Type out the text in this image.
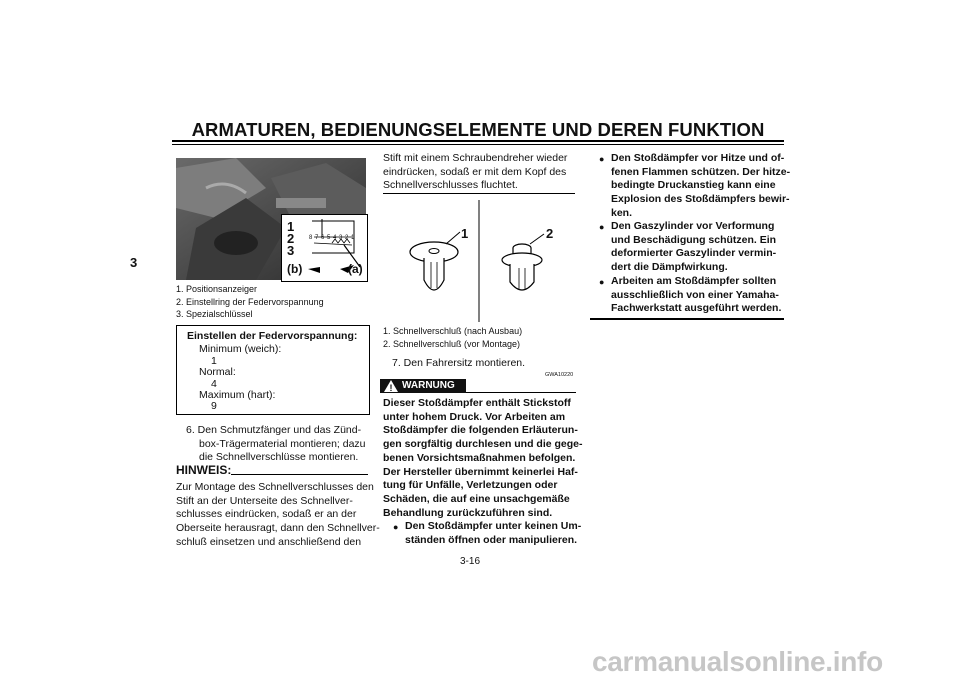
ARMATUREN, BEDIENUNGSELEMENTE UND DEREN FUNKTION
3
1
2
3
8 7 6 5 4 3 2 1
(b)	(a)
1. Positionsanzeiger
2. Einstellring der Federvorspannung
3. Spezialschlüssel
Einstellen der Federvorspannung:
Minimum (weich):
1
Normal:
4
Maximum (hart):
9
6. Den Schmutzfänger und das Zünd-
box-Trägermaterial montieren; dazu
die Schnellverschlüsse montieren.
HINWEIS:
Zur Montage des Schnellverschlusses den
Stift an der Unterseite des Schnellver-
schlusses eindrücken, sodaß er an der
Oberseite herausragt, dann den Schnellver-
schluß einsetzen und anschließend den
Stift mit einem Schraubendreher wieder
eindrücken, sodaß er mit dem Kopf des
Schnellverschlusses fluchtet.
1	2
1. Schnellverschluß (nach Ausbau)
2. Schnellverschluß (vor Montage)
7. Den Fahrersitz montieren.
GWA10220
! WARNUNG
Dieser Stoßdämpfer enthält Stickstoff
unter hohem Druck. Vor Arbeiten am
Stoßdämpfer die folgenden Erläuterun-
gen sorgfältig durchlesen und die gege-
benen Vorsichtsmaßnahmen befolgen.
Der Hersteller übernimmt keinerlei Haf-
tung für Unfälle, Verletzungen oder
Schäden, die auf eine unsachgemäße
Behandlung zurückzuführen sind.
● Den Stoßdämpfer unter keinen Um-
ständen öffnen oder manipulieren.
● Den Stoßdämpfer vor Hitze und of-
fenen Flammen schützen. Der hitze-
bedingte Druckanstieg kann eine
Explosion des Stoßdämpfers bewir-
ken.
● Den Gaszylinder vor Verformung
und Beschädigung schützen. Ein
deformierter Gaszylinder vermin-
dert die Dämpfwirkung.
● Arbeiten am Stoßdämpfer sollten
ausschließlich von einer Yamaha-
Fachwerkstatt ausgeführt werden.
3-16
carmanualsonline.info
